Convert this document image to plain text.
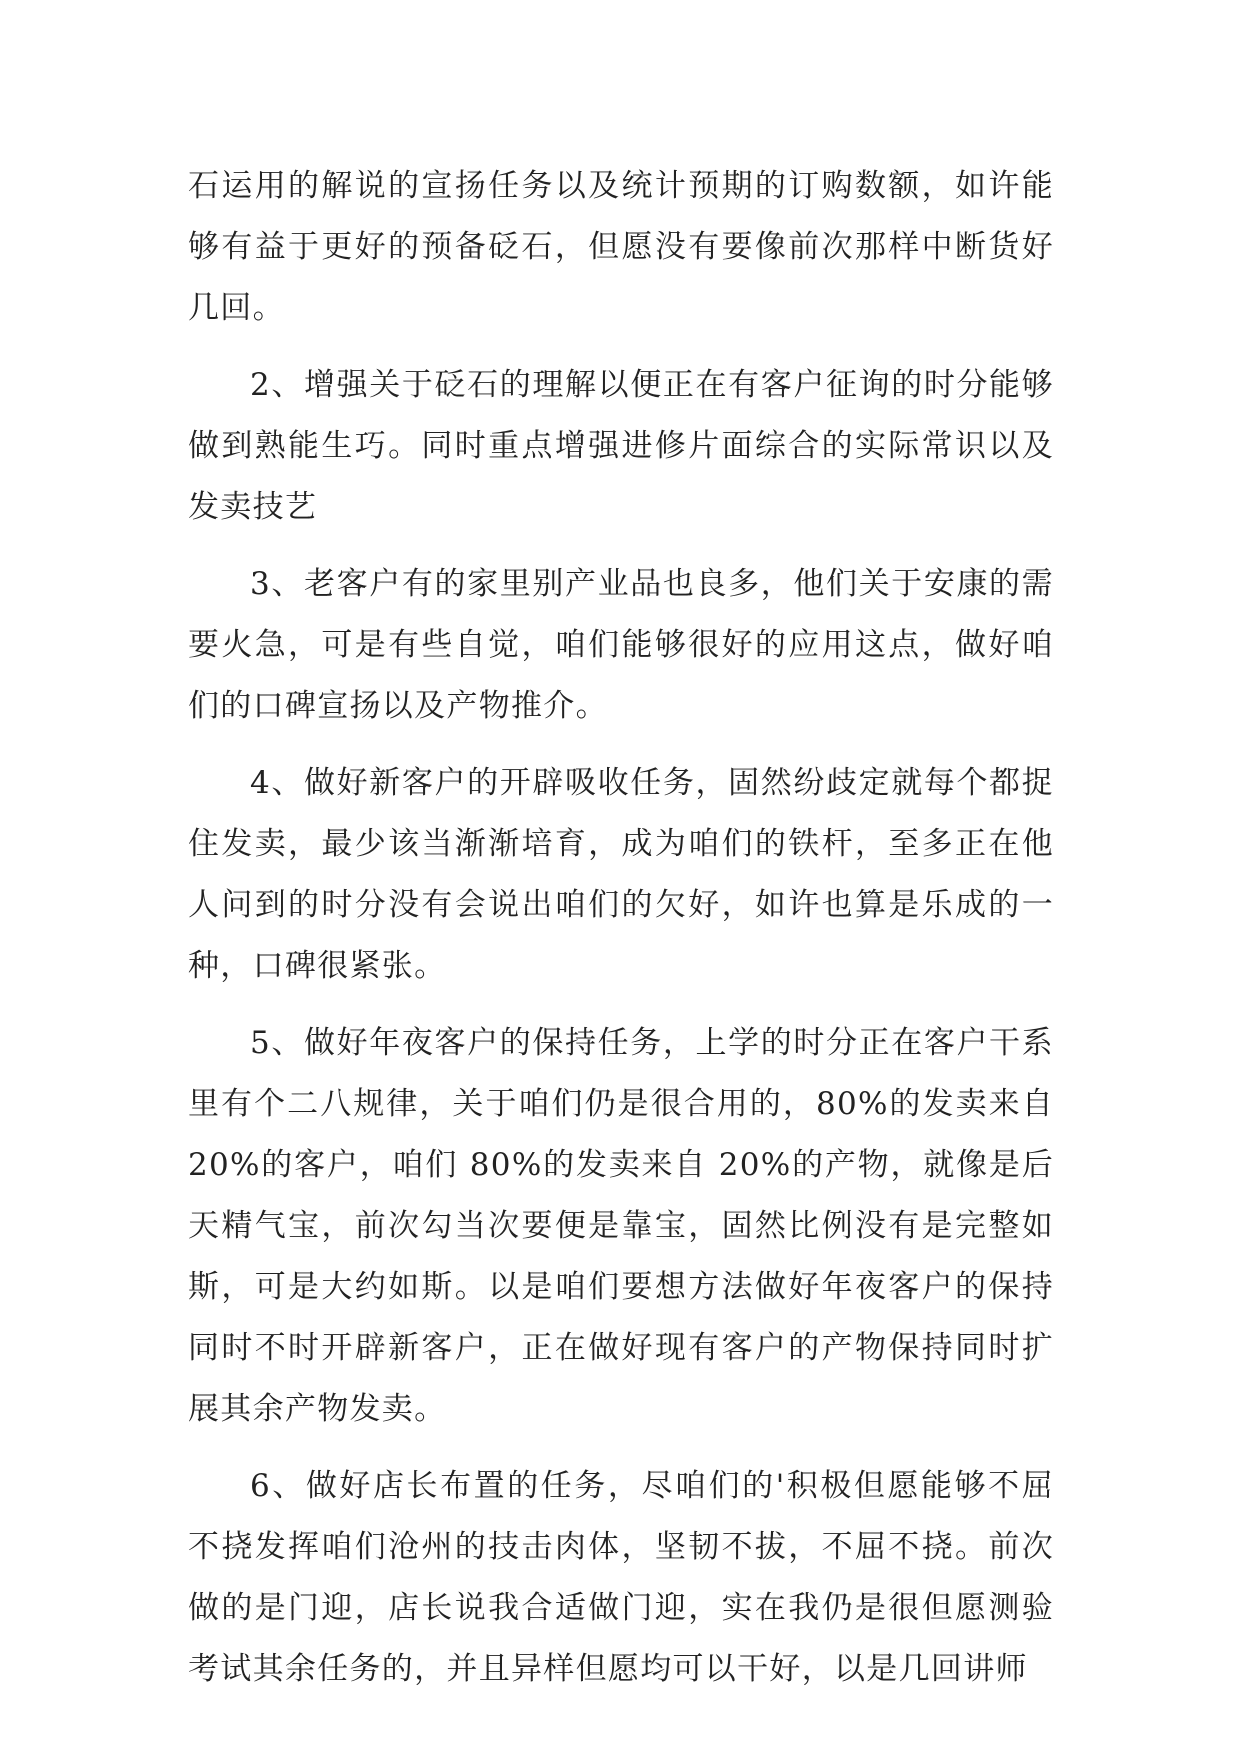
石运用的解说的宣扬任务以及统计预期的订购数额，如许能够有益于更好的预备砭石，但愿没有要像前次那样中断货好几回。

2、增强关于砭石的理解以便正在有客户征询的时分能够做到熟能生巧。同时重点增强进修片面综合的实际常识以及发卖技艺

3、老客户有的家里别产业品也良多，他们关于安康的需要火急，可是有些自觉，咱们能够很好的应用这点，做好咱们的口碑宣扬以及产物推介。

4、做好新客户的开辟吸收任务，固然纷歧定就每个都捉住发卖，最少该当渐渐培育，成为咱们的铁杆，至多正在他人问到的时分没有会说出咱们的欠好，如许也算是乐成的一种，口碑很紧张。

5、做好年夜客户的保持任务，上学的时分正在客户干系里有个二八规律，关于咱们仍是很合用的，80%的发卖来自 20%的客户，咱们 80%的发卖来自 20%的产物，就像是后天精气宝，前次勾当次要便是靠宝，固然比例没有是完整如斯，可是大约如斯。以是咱们要想方法做好年夜客户的保持同时不时开辟新客户，正在做好现有客户的产物保持同时扩展其余产物发卖。

6、做好店长布置的任务，尽咱们的'积极但愿能够不屈不挠发挥咱们沧州的技击肉体，坚韧不拔，不屈不挠。前次做的是门迎，店长说我合适做门迎，实在我仍是很但愿测验考试其余任务的，并且异样但愿均可以干好，以是几回讲师
